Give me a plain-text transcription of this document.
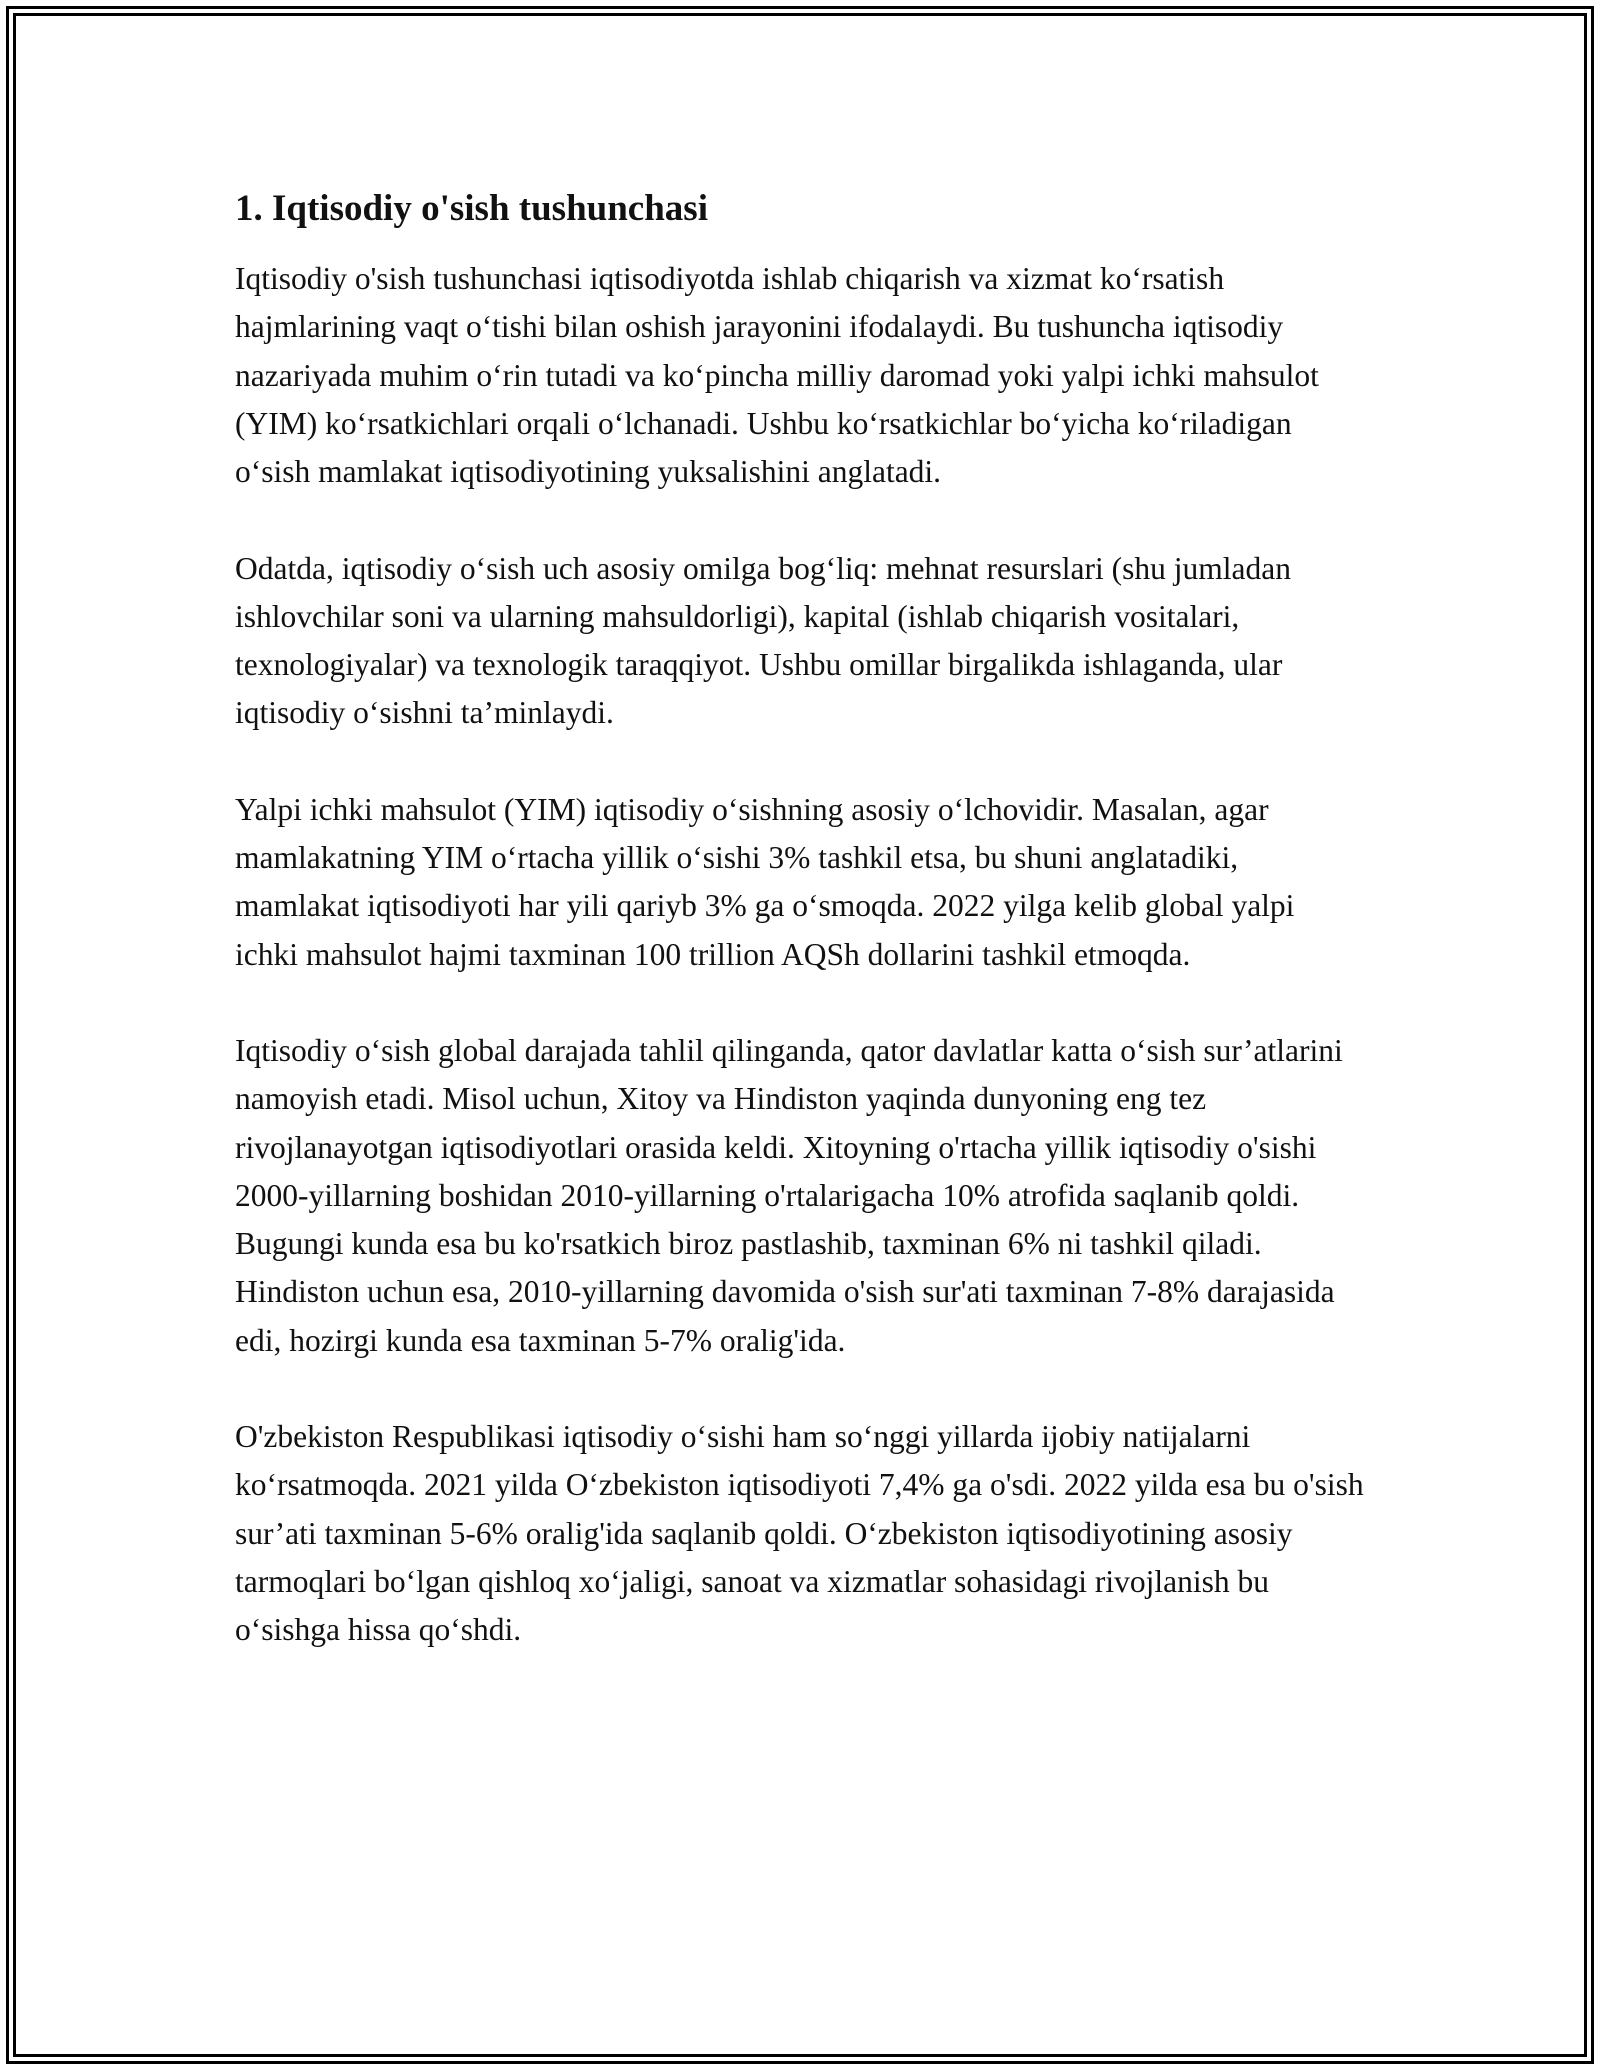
1. Iqtisodiy o'sish tushunchasi

Iqtisodiy o'sish tushunchasi iqtisodiyotda ishlab chiqarish va xizmat ko‘rsatish hajmlarining vaqt o‘tishi bilan oshish jarayonini ifodalaydi. Bu tushuncha iqtisodiy nazariyada muhim o‘rin tutadi va ko‘pincha milliy daromad yoki yalpi ichki mahsulot (YIM) ko‘rsatkichlari orqali o‘lchanadi. Ushbu ko‘rsatkichlar bo‘yicha ko‘riladigan o‘sish mamlakat iqtisodiyotining yuksalishini anglatadi.

Odatda, iqtisodiy o‘sish uch asosiy omilga bog‘liq: mehnat resurslari (shu jumladan ishlovchilar soni va ularning mahsuldorligi), kapital (ishlab chiqarish vositalari, texnologiyalar) va texnologik taraqqiyot. Ushbu omillar birgalikda ishlaganda, ular iqtisodiy o‘sishni ta’minlaydi.

Yalpi ichki mahsulot (YIM) iqtisodiy o‘sishning asosiy o‘lchovidir. Masalan, agar mamlakatning YIM o‘rtacha yillik o‘sishi 3% tashkil etsa, bu shuni anglatadiki, mamlakat iqtisodiyoti har yili qariyb 3% ga o‘smoqda. 2022 yilga kelib global yalpi ichki mahsulot hajmi taxminan 100 trillion AQSh dollarini tashkil etmoqda.

Iqtisodiy o‘sish global darajada tahlil qilinganda, qator davlatlar katta o‘sish sur’atlarini namoyish etadi. Misol uchun, Xitoy va Hindiston yaqinda dunyoning eng tez rivojlanayotgan iqtisodiyotlari orasida keldi. Xitoyning o'rtacha yillik iqtisodiy o'sishi 2000-yillarning boshidan 2010-yillarning o'rtalarigacha 10% atrofida saqlanib qoldi. Bugungi kunda esa bu ko'rsatkich biroz pastlashib, taxminan 6% ni tashkil qiladi. Hindiston uchun esa, 2010-yillarning davomida o'sish sur'ati taxminan 7-8% darajasida edi, hozirgi kunda esa taxminan 5-7% oralig'ida.

O'zbekiston Respublikasi iqtisodiy o‘sishi ham so‘nggi yillarda ijobiy natijalarni ko‘rsatmoqda. 2021 yilda O‘zbekiston iqtisodiyoti 7,4% ga o'sdi. 2022 yilda esa bu o'sish sur’ati taxminan 5-6% oralig'ida saqlanib qoldi. O‘zbekiston iqtisodiyotining asosiy tarmoqlari bo‘lgan qishloq xo‘jaligi, sanoat va xizmatlar sohasidagi rivojlanish bu o‘sishga hissa qo‘shdi.
